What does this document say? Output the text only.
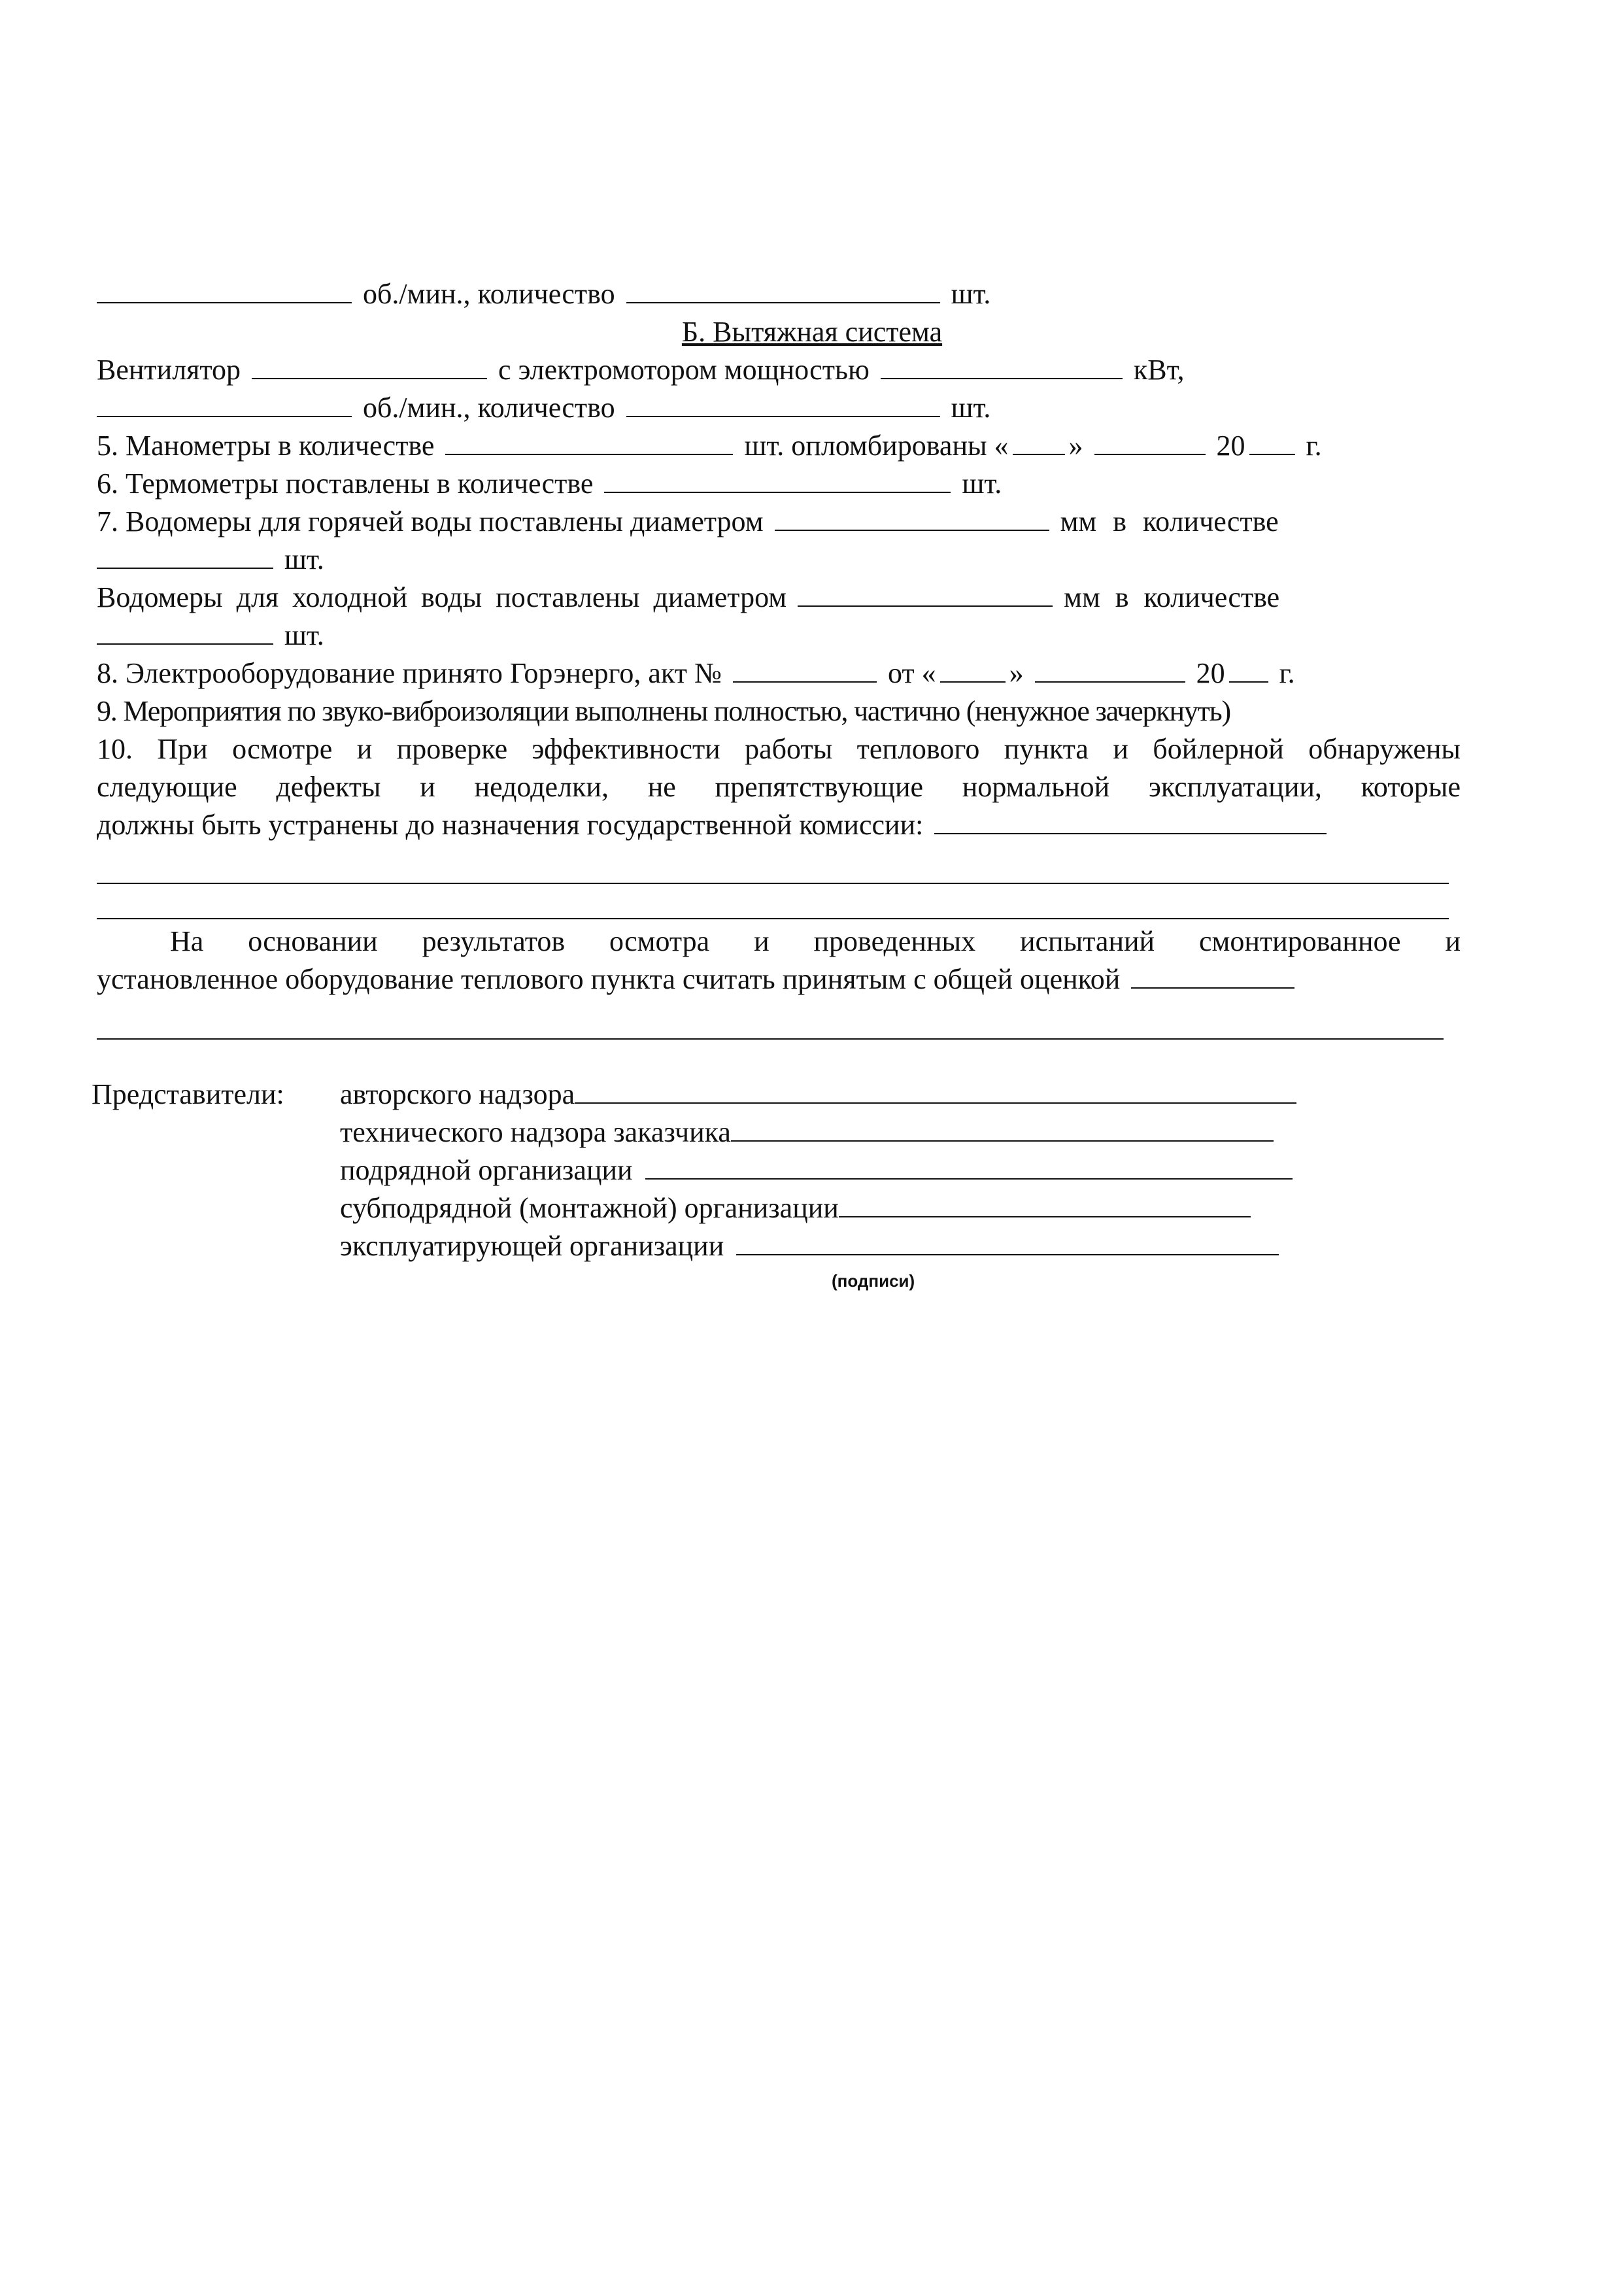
об./мин., количество	шт.
Б. Вытяжная система
Вентилятор	с электромотором мощностью	кВт,
об./мин., количество	шт.
5. Манометры в количестве	шт. опломбированы « »	20 г.
6. Термометры поставлены в количестве	шт.
7. Водомеры для горячей воды поставлены диаметром	мм в количестве
шт.
Водомеры для холодной воды поставлены диаметром	мм в количестве
шт.
8. Электрооборудование принято Горэнерго, акт №	от «	»	20 г.
9. Мероприятия по звуко-виброизоляции выполнены полностью, частично (ненужное зачеркнуть)
10. При осмотре и проверке эффективности работы теплового пункта и бойлерной обнаружены
следующие дефекты и недоделки, не препятствующие нормальной эксплуатации, которые
должны быть устранены до назначения государственной комиссии:
На основании результатов осмотра и проведенных испытаний смонтированное и
установленное оборудование теплового пункта считать принятым с общей оценкой
Представители: авторского надзора
технического надзора заказчика
подрядной организации
субподрядной (монтажной) организации
эксплуатирующей организации
(подписи)
